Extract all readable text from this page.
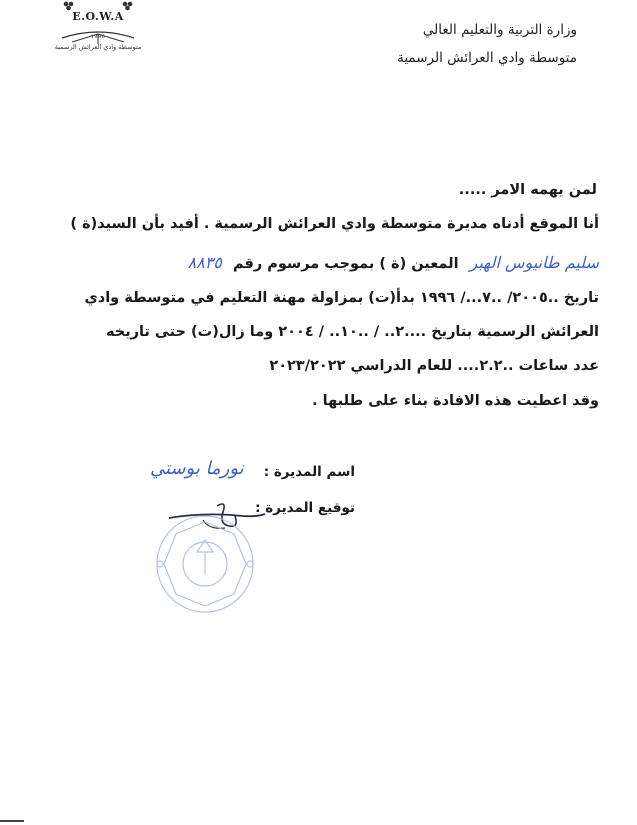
E.O.W.A
1996
متوسطة وادي العرائش الرسمية
وزارة التربية والتعليم العالي
متوسطة وادي العرائش الرسمية
لمن يهمه الامر .....
أنا الموقع أدناه مديرة متوسطة وادي العرائش الرسمية . أفيد بأن السيد(ة )
سليم طانيوس الهبر المعين (ة ) بموجب مرسوم رقم ٨٨٣٥
تاريخ ..٢٠٠٥/ ..٧.../ ١٩٩٦ بدأ(ت) بمزاولة مهنة التعليم في متوسطة وادي
العرائش الرسمية بتاريخ ....٢.. / ..١٠.. / ٢٠٠٤ وما زال(ت) حتى تاريخه
عدد ساعات ..٢.٢.... للعام الدراسي ٢٠٢٣/٢٠٢٢
وقد اعطيت هذه الافادة بناء على طلبها .
اسم المديرة :
نورما بوستي
توقيع المديرة :
